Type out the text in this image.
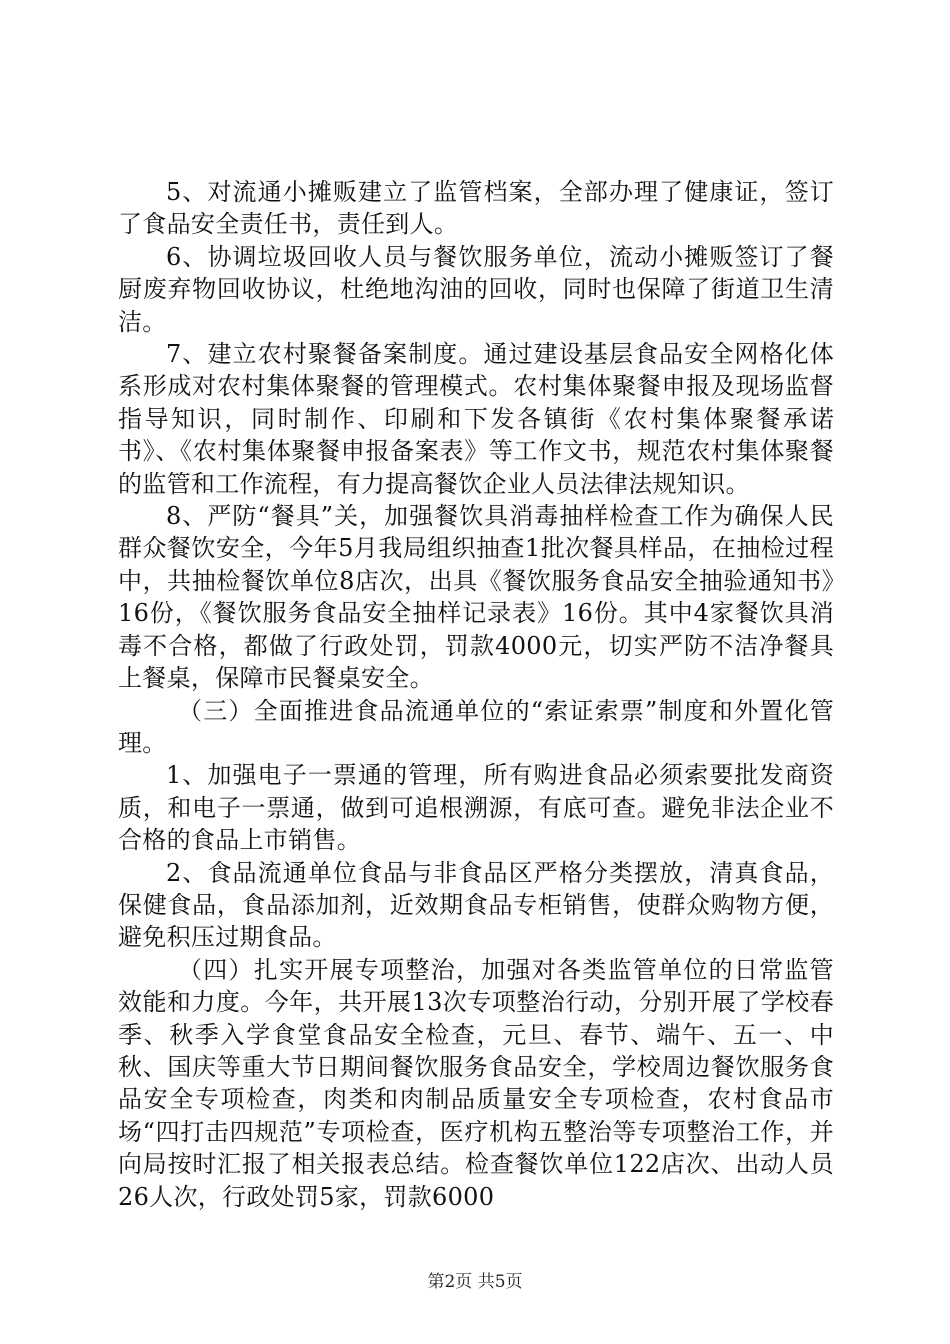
5、对流通小摊贩建立了监管档案，全部办理了健康证，签订了食品安全责任书，责任到人。

6、协调垃圾回收人员与餐饮服务单位，流动小摊贩签订了餐厨废弃物回收协议，杜绝地沟油的回收，同时也保障了街道卫生清洁。

7、建立农村聚餐备案制度。通过建设基层食品安全网格化体系形成对农村集体聚餐的管理模式。农村集体聚餐申报及现场监督指导知识，同时制作、印刷和下发各镇街《农村集体聚餐承诺书》、《农村集体聚餐申报备案表》等工作文书，规范农村集体聚餐的监管和工作流程，有力提高餐饮企业人员法律法规知识。

8、严防“餐具”关，加强餐饮具消毒抽样检查工作为确保人民群众餐饮安全，今年5月我局组织抽查1批次餐具样品，在抽检过程中，共抽检餐饮单位8店次，出具《餐饮服务食品安全抽验通知书》16份，《餐饮服务食品安全抽样记录表》16份。其中4家餐饮具消毒不合格，都做了行政处罚，罚款4000元，切实严防不洁净餐具上餐桌，保障市民餐桌安全。

（三）全面推进食品流通单位的“索证索票”制度和外置化管理。

1、加强电子一票通的管理，所有购进食品必须索要批发商资质，和电子一票通，做到可追根溯源，有底可查。避免非法企业不合格的食品上市销售。

2、食品流通单位食品与非食品区严格分类摆放，清真食品，保健食品，食品添加剂，近效期食品专柜销售，使群众购物方便，避免积压过期食品。

（四）扎实开展专项整治，加强对各类监管单位的日常监管效能和力度。今年，共开展13次专项整治行动，分别开展了学校春季、秋季入学食堂食品安全检查，元旦、春节、端午、五一、中秋、国庆等重大节日期间餐饮服务食品安全，学校周边餐饮服务食品安全专项检查，肉类和肉制品质量安全专项检查，农村食品市场“四打击四规范”专项检查，医疗机构五整治等专项整治工作，并向局按时汇报了相关报表总结。检查餐饮单位122店次、出动人员26人次，行政处罚5家，罚款6000

第2页 共5页
